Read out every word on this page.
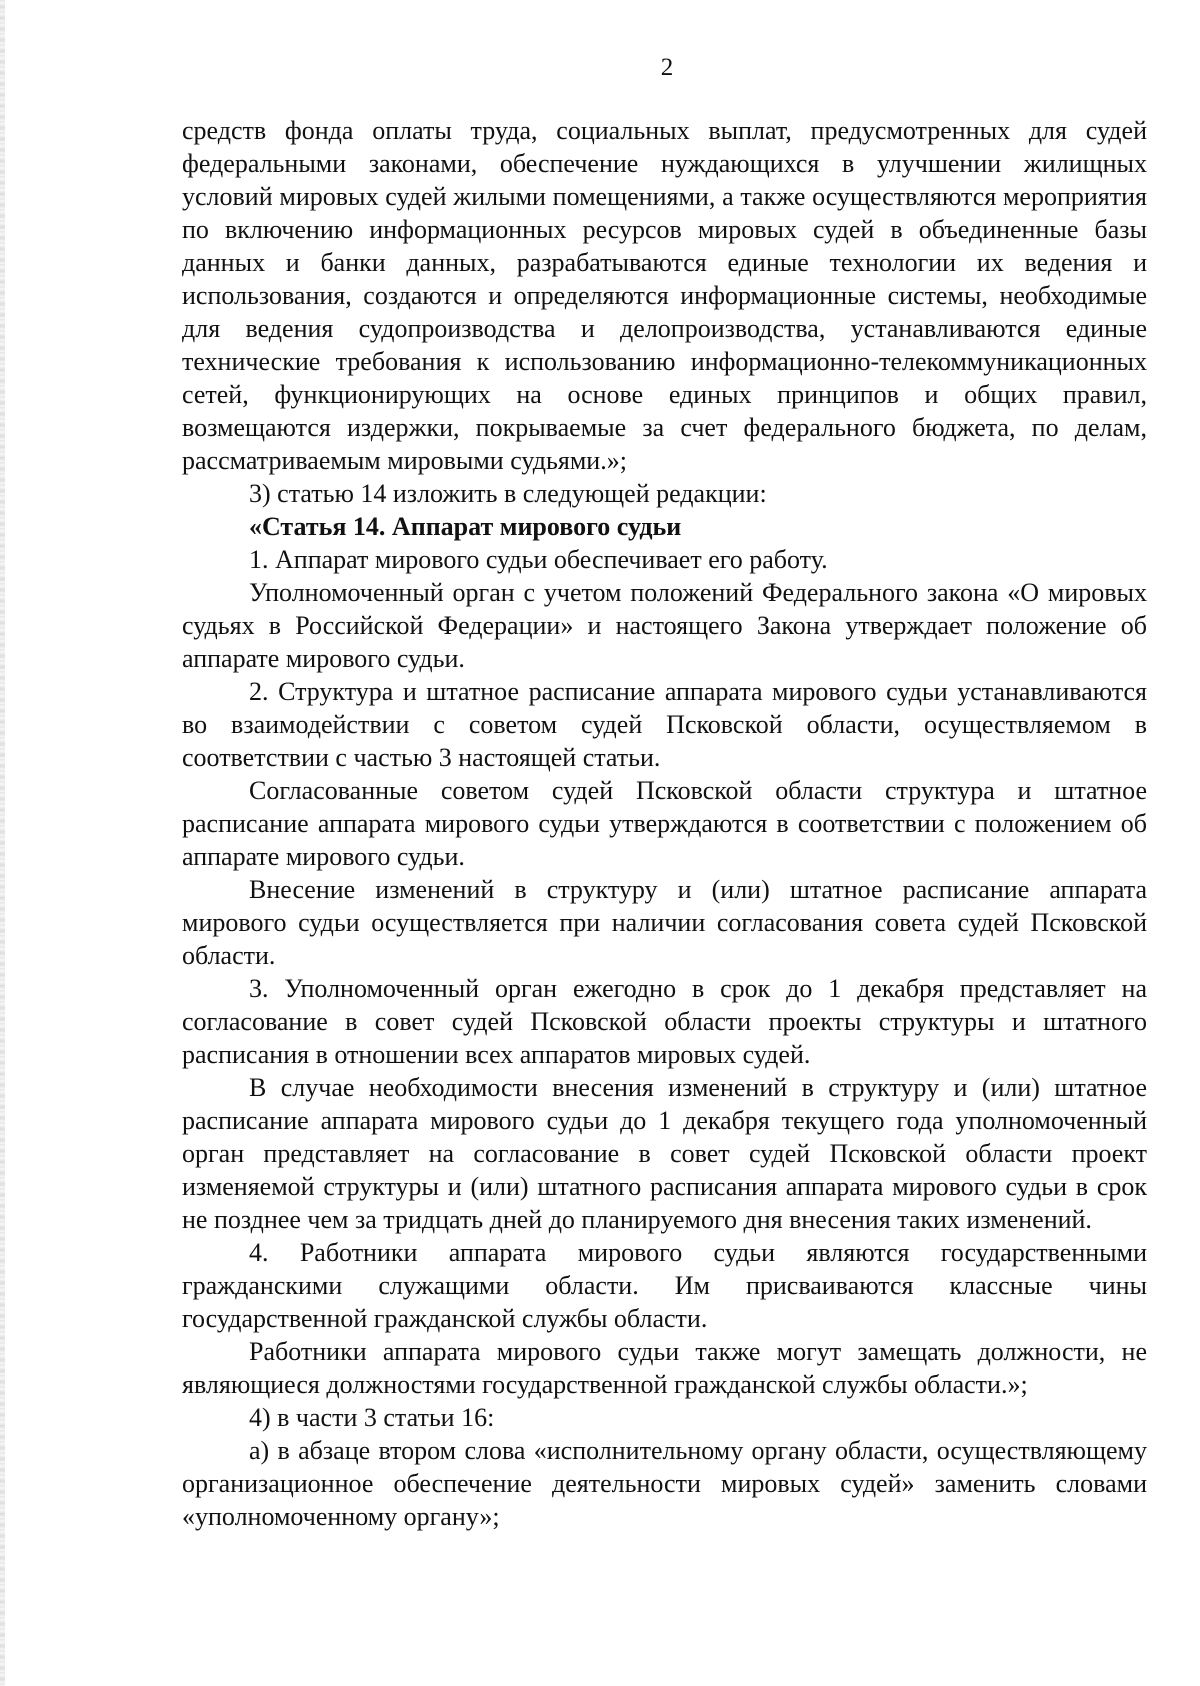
2

средств фонда оплаты труда, социальных выплат, предусмотренных для судей федеральными законами, обеспечение нуждающихся в улучшении жилищных условий мировых судей жилыми помещениями, а также осуществляются мероприятия по включению информационных ресурсов мировых судей в объединенные базы данных и банки данных, разрабатываются единые технологии их ведения и использования, создаются и определяются информационные системы, необходимые для ведения судопроизводства и делопроизводства, устанавливаются единые технические требования к использованию информационно-телекоммуникационных сетей, функционирующих на основе единых принципов и общих правил, возмещаются издержки, покрываемые за счет федерального бюджета, по делам, рассматриваемым мировыми судьями.»;

3) статью 14 изложить в следующей редакции:

«Статья 14. Аппарат мирового судьи

1. Аппарат мирового судьи обеспечивает его работу.

Уполномоченный орган с учетом положений Федерального закона «О мировых судьях в Российской Федерации» и настоящего Закона утверждает положение об аппарате мирового судьи.

2. Структура и штатное расписание аппарата мирового судьи устанавливаются во взаимодействии с советом судей Псковской области, осуществляемом в соответствии с частью 3 настоящей статьи.

Согласованные советом судей Псковской области структура и штатное расписание аппарата мирового судьи утверждаются в соответствии с положением об аппарате мирового судьи.

Внесение изменений в структуру и (или) штатное расписание аппарата мирового судьи осуществляется при наличии согласования совета судей Псковской области.

3. Уполномоченный орган ежегодно в срок до 1 декабря представляет на согласование в совет судей Псковской области проекты структуры и штатного расписания в отношении всех аппаратов мировых судей.

В случае необходимости внесения изменений в структуру и (или) штатное расписание аппарата мирового судьи до 1 декабря текущего года уполномоченный орган представляет на согласование в совет судей Псковской области проект изменяемой структуры и (или) штатного расписания аппарата мирового судьи в срок не позднее чем за тридцать дней до планируемого дня внесения таких изменений.

4. Работники аппарата мирового судьи являются государственными гражданскими служащими области. Им присваиваются классные чины государственной гражданской службы области.

Работники аппарата мирового судьи также могут замещать должности, не являющиеся должностями государственной гражданской службы области.»;

4) в части 3 статьи 16:

а) в абзаце втором слова «исполнительному органу области, осуществляющему организационное обеспечение деятельности мировых судей» заменить словами «уполномоченному органу»;
